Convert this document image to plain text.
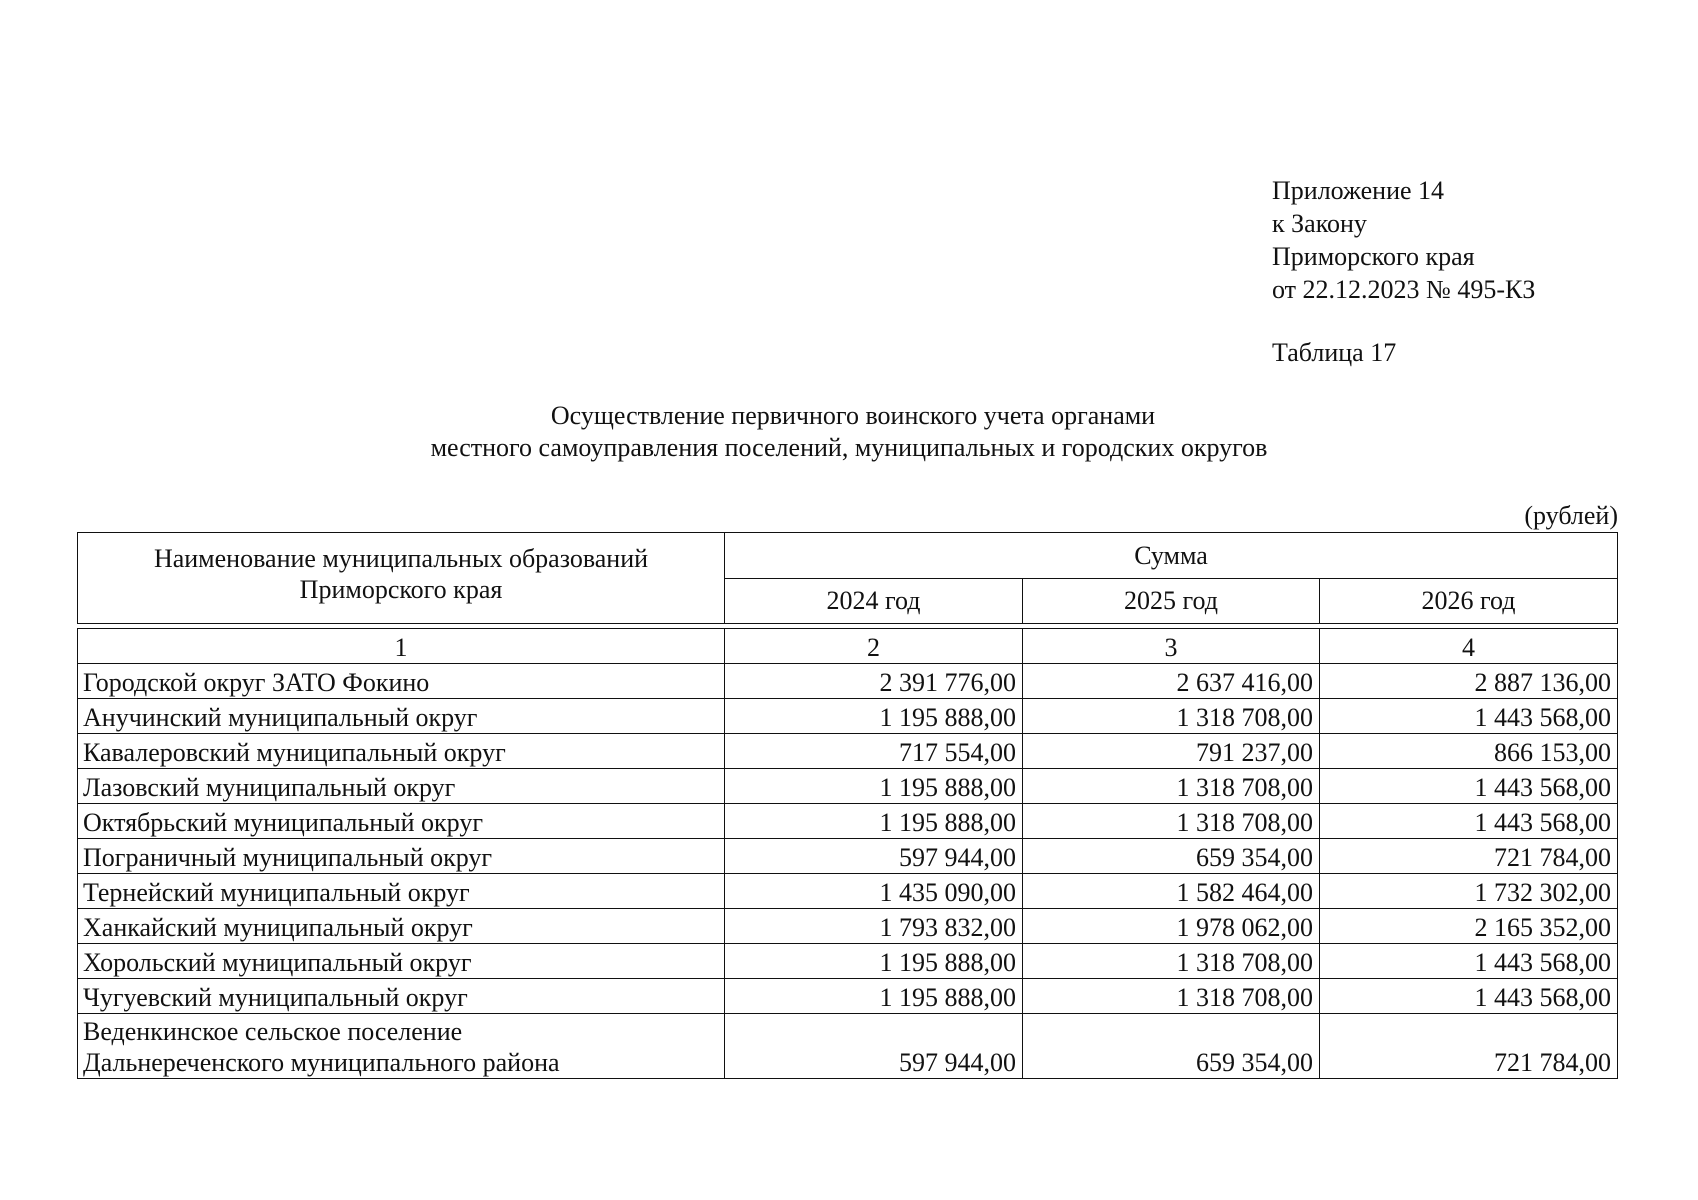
Приложение 14
к Закону
Приморского края
от 22.12.2023 № 495-КЗ
Таблица 17
Осуществление первичного воинского учета органами
местного самоуправления поселений, муниципальных и городских округов
(рублей)
Наименование муниципальных образований
Приморского края	Сумма		
	2024 год	2025 год	2026 год

1	2	3	4
Городской округ ЗАТО Фокино	2 391 776,00	2 637 416,00	2 887 136,00
Анучинский муниципальный округ	1 195 888,00	1 318 708,00	1 443 568,00
Кавалеровский муниципальный округ	717 554,00	791 237,00	866 153,00
Лазовский муниципальный округ	1 195 888,00	1 318 708,00	1 443 568,00
Октябрьский муниципальный округ	1 195 888,00	1 318 708,00	1 443 568,00
Пограничный муниципальный округ	597 944,00	659 354,00	721 784,00
Тернейский муниципальный округ	1 435 090,00	1 582 464,00	1 732 302,00
Ханкайский муниципальный округ	1 793 832,00	1 978 062,00	2 165 352,00
Хорольский муниципальный округ	1 195 888,00	1 318 708,00	1 443 568,00
Чугуевский муниципальный округ	1 195 888,00	1 318 708,00	1 443 568,00

Веденкинское сельское поселение
Дальнереченского муниципального района	597 944,00	659 354,00	721 784,00
